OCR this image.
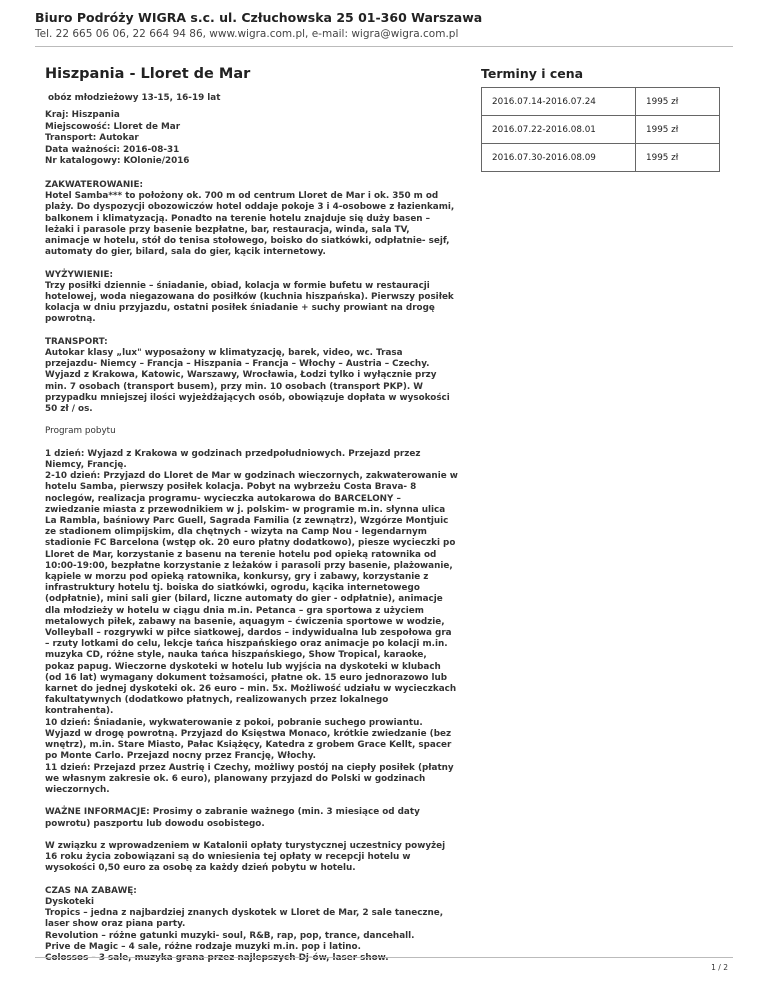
Biuro Podróży WIGRA s.c. ul. Człuchowska 25 01-360 Warszawa
Tel. 22 665 06 06, 22 664 94 86, www.wigra.com.pl, e-mail: wigra@wigra.com.pl
Hiszpania - Lloret de Mar
obóz młodzieżowy 13-15, 16-19 lat
Kraj: Hiszpania
Miejscowość: Lloret de Mar
Transport: Autokar
Data ważności: 2016-08-31
Nr katalogowy: KOlonie/2016
Terminy i cena
2016.07.14-2016.07.24	1995 zł
2016.07.22-2016.08.01	1995 zł
2016.07.30-2016.08.09	1995 zł

ZAKWATEROWANIE:
Hotel Samba*** to położony ok. 700 m od centrum Lloret de Mar i ok. 350 m od
plaży. Do dyspozycji obozowiczów hotel oddaje pokoje 3 i 4-osobowe z łazienkami,
balkonem i klimatyzacją. Ponadto na terenie hotelu znajduje się duży basen –
leżaki i parasole przy basenie bezpłatne, bar, restauracja, winda, sala TV,
animacje w hotelu, stół do tenisa stołowego, boisko do siatkówki, odpłatnie- sejf,
automaty do gier, bilard, sala do gier, kącik internetowy.

WYŻYWIENIE:
Trzy posiłki dziennie – śniadanie, obiad, kolacja w formie bufetu w restauracji
hotelowej, woda niegazowana do posiłków (kuchnia hiszpańska). Pierwszy posiłek
kolacja w dniu przyjazdu, ostatni posiłek śniadanie + suchy prowiant na drogę
powrotną.

TRANSPORT:
Autokar klasy „lux" wyposażony w klimatyzację, barek, video, wc. Trasa
przejazdu- Niemcy – Francja – Hiszpania – Francja – Włochy – Austria – Czechy.
Wyjazd z Krakowa, Katowic, Warszawy, Wrocławia, Łodzi tylko i wyłącznie przy
min. 7 osobach (transport busem), przy min. 10 osobach (transport PKP). W
przypadku mniejszej ilości wyjeżdżających osób, obowiązuje dopłata w wysokości
50 zł / os.

Program pobytu

1 dzień: Wyjazd z Krakowa w godzinach przedpołudniowych. Przejazd przez
Niemcy, Francję.
2-10 dzień: Przyjazd do Lloret de Mar w godzinach wieczornych, zakwaterowanie w
hotelu Samba, pierwszy posiłek kolacja. Pobyt na wybrzeżu Costa Brava- 8
noclegów, realizacja programu- wycieczka autokarowa do BARCELONY –
zwiedzanie miasta z przewodnikiem w j. polskim- w programie m.in. słynna ulica
La Rambla, baśniowy Parc Guell, Sagrada Familia (z zewnątrz), Wzgórze Montjuic
ze stadionem olimpijskim, dla chętnych - wizyta na Camp Nou - legendarnym
stadionie FC Barcelona (wstęp ok. 20 euro płatny dodatkowo), piesze wycieczki po
Lloret de Mar, korzystanie z basenu na terenie hotelu pod opieką ratownika od
10:00-19:00, bezpłatne korzystanie z leżaków i parasoli przy basenie, plażowanie,
kąpiele w morzu pod opieką ratownika, konkursy, gry i zabawy, korzystanie z
infrastruktury hotelu tj. boiska do siatkówki, ogrodu, kącika internetowego
(odpłatnie), mini sali gier (bilard, liczne automaty do gier - odpłatnie), animacje
dla młodzieży w hotelu w ciągu dnia m.in. Petanca – gra sportowa z użyciem
metalowych piłek, zabawy na basenie, aquagym – ćwiczenia sportowe w wodzie,
Volleyball – rozgrywki w piłce siatkowej, dardos – indywidualna lub zespołowa gra
– rzuty lotkami do celu, lekcje tańca hiszpańskiego oraz animacje po kolacji m.in.
muzyka CD, różne style, nauka tańca hiszpańskiego, Show Tropical, karaoke,
pokaz papug. Wieczorne dyskoteki w hotelu lub wyjścia na dyskoteki w klubach
(od 16 lat) wymagany dokument tożsamości, płatne ok. 15 euro jednorazowo lub
karnet do jednej dyskoteki ok. 26 euro – min. 5x. Możliwość udziału w wycieczkach
fakultatywnych (dodatkowo płatnych, realizowanych przez lokalnego
kontrahenta).
10 dzień: Śniadanie, wykwaterowanie z pokoi, pobranie suchego prowiantu.
Wyjazd w drogę powrotną. Przyjazd do Księstwa Monaco, krótkie zwiedzanie (bez
wnętrz), m.in. Stare Miasto, Pałac Książęcy, Katedra z grobem Grace Kellt, spacer
po Monte Carlo. Przejazd nocny przez Francję, Włochy.
11 dzień: Przejazd przez Austrię i Czechy, możliwy postój na ciepły posiłek (płatny
we własnym zakresie ok. 6 euro), planowany przyjazd do Polski w godzinach
wieczornych.

WAŻNE INFORMACJE: Prosimy o zabranie ważnego (min. 3 miesiące od daty
powrotu) paszportu lub dowodu osobistego.

W związku z wprowadzeniem w Katalonii opłaty turystycznej uczestnicy powyżej
16 roku życia zobowiązani są do wniesienia tej opłaty w recepcji hotelu w
wysokości 0,50 euro za osobę za każdy dzień pobytu w hotelu.

CZAS NA ZABAWĘ:
Dyskoteki
Tropics – jedna z najbardziej znanych dyskotek w Lloret de Mar, 2 sale taneczne,
laser show oraz piana party.
Revolution – różne gatunki muzyki- soul, R&B, rap, pop, trance, dancehall.
Prive de Magic – 4 sale, różne rodzaje muzyki m.in. pop i latino.
Colossos – 3 sale, muzyka grana przez najlepszych Dj-ów, laser show.

1 / 2
